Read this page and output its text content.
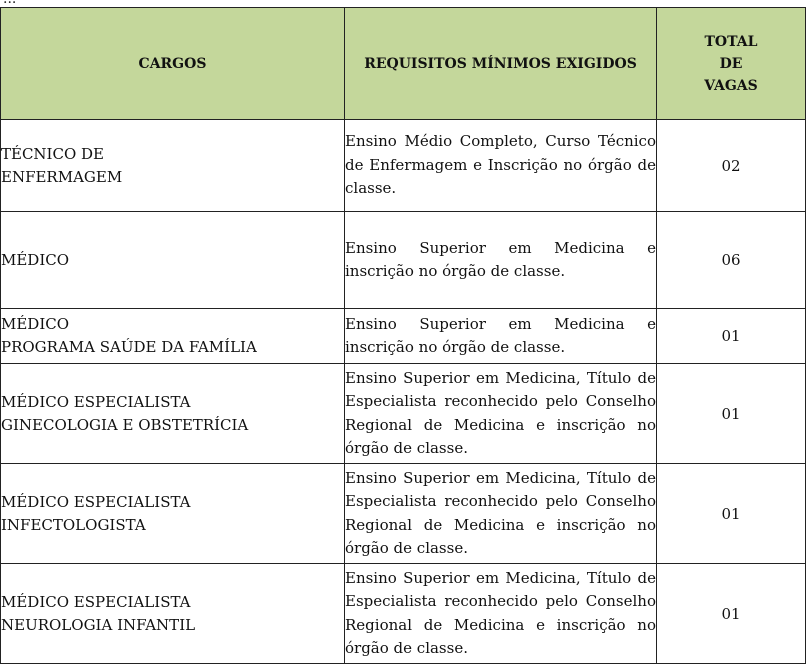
CARGOS	REQUISITOS MÍNIMOS EXIGIDOS	TOTAL
DE
VAGAS

TÉCNICO DE
ENFERMAGEM	Ensino Médio Completo, Curso Técnico de Enfermagem e Inscrição no órgão de classe.	02

MÉDICO	Ensino Superior em Medicina e inscrição no órgão de classe.	06

MÉDICO
PROGRAMA SAÚDE DA FAMÍLIA	Ensino Superior em Medicina e inscrição no órgão de classe.	01

MÉDICO ESPECIALISTA
GINECOLOGIA E OBSTETRÍCIA	Ensino Superior em Medicina, Título de Especialista reconhecido pelo Conselho Regional de Medicina e inscrição no órgão de classe.	01

MÉDICO ESPECIALISTA
INFECTOLOGISTA	Ensino Superior em Medicina, Título de Especialista reconhecido pelo Conselho Regional de Medicina e inscrição no órgão de classe.	01

MÉDICO ESPECIALISTA
NEUROLOGIA INFANTIL	Ensino Superior em Medicina, Título de Especialista reconhecido pelo Conselho Regional de Medicina e inscrição no órgão de classe.	01
